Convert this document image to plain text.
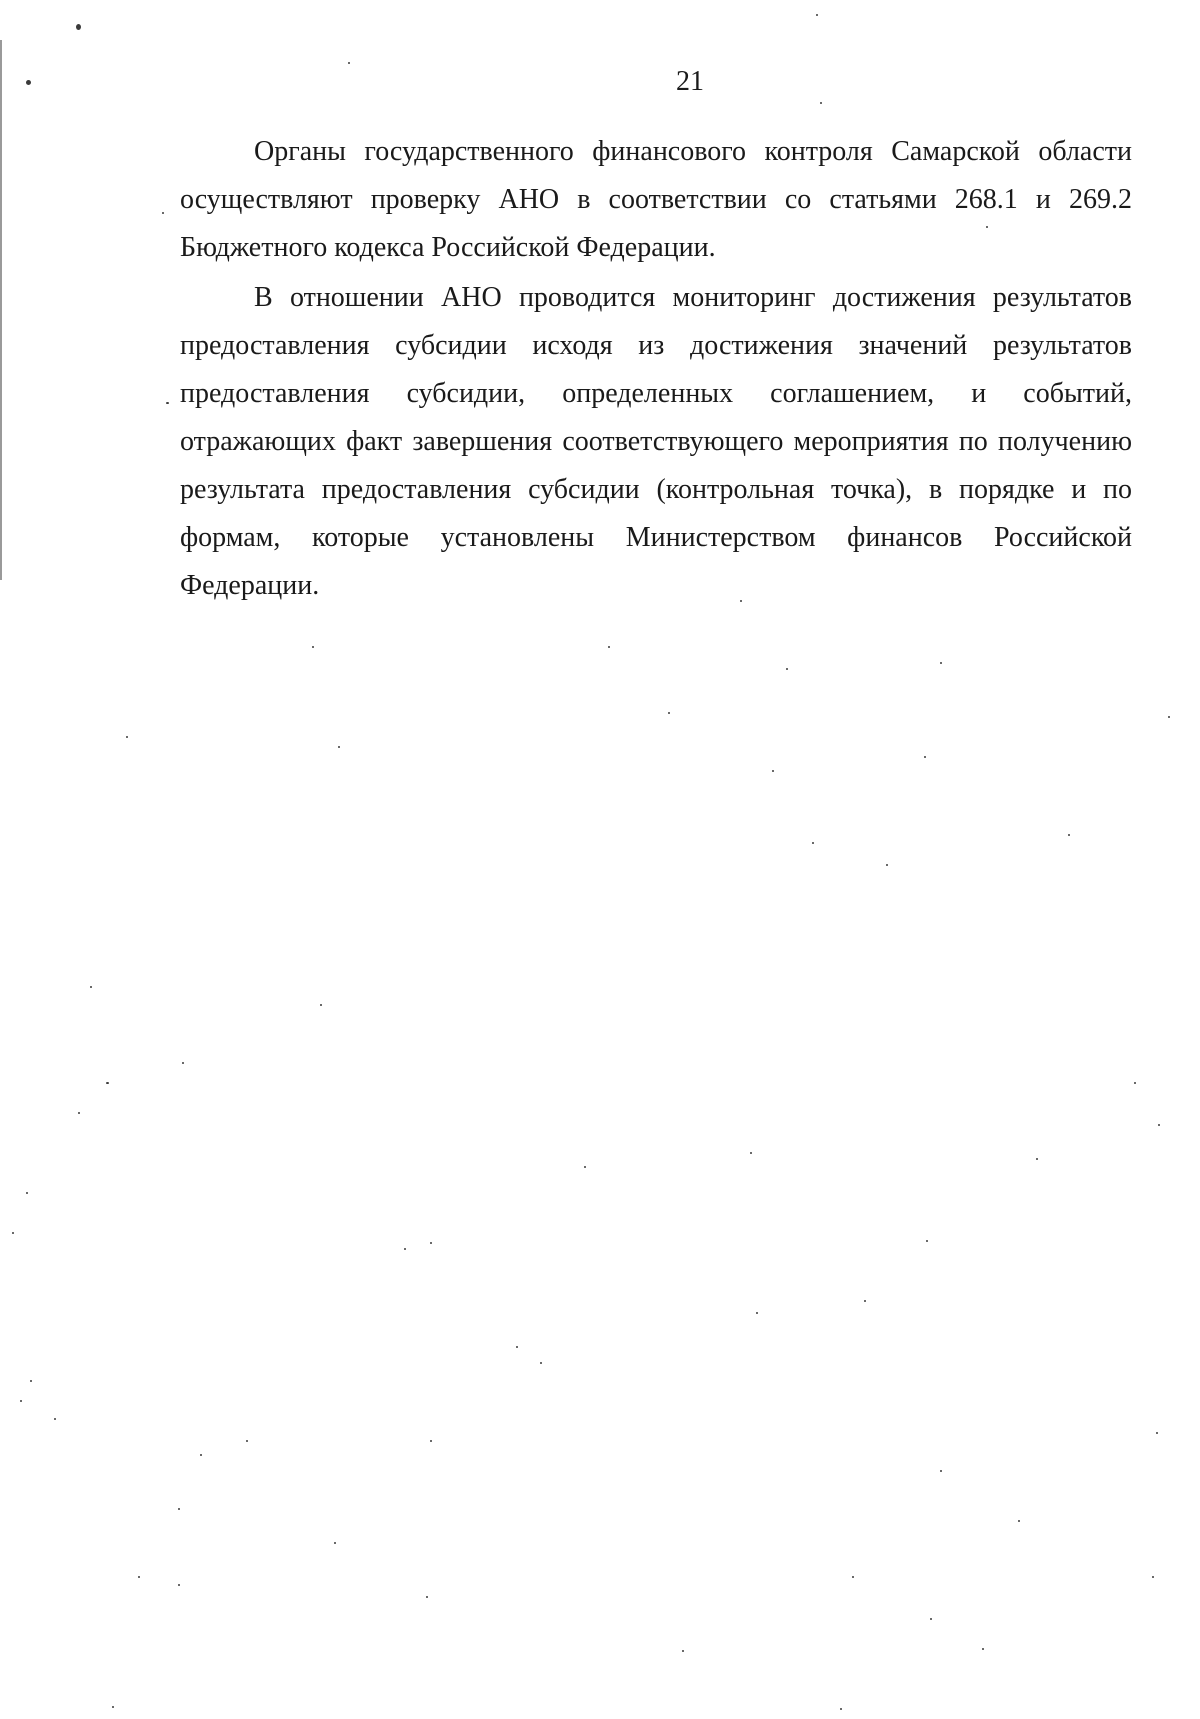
21

Органы государственного финансового контроля Самарской области осуществляют проверку АНО в соответствии со статьями 268.1 и 269.2 Бюджетного кодекса Российской Федерации.

В отношении АНО проводится мониторинг достижения результатов предоставления субсидии исходя из достижения значений результатов предоставления субсидии, определенных соглашением, и событий, отражающих факт завершения соответствующего мероприятия по получению результата предоставления субсидии (контрольная точка), в порядке и по формам, которые установлены Министерством финансов Российской Федерации.
